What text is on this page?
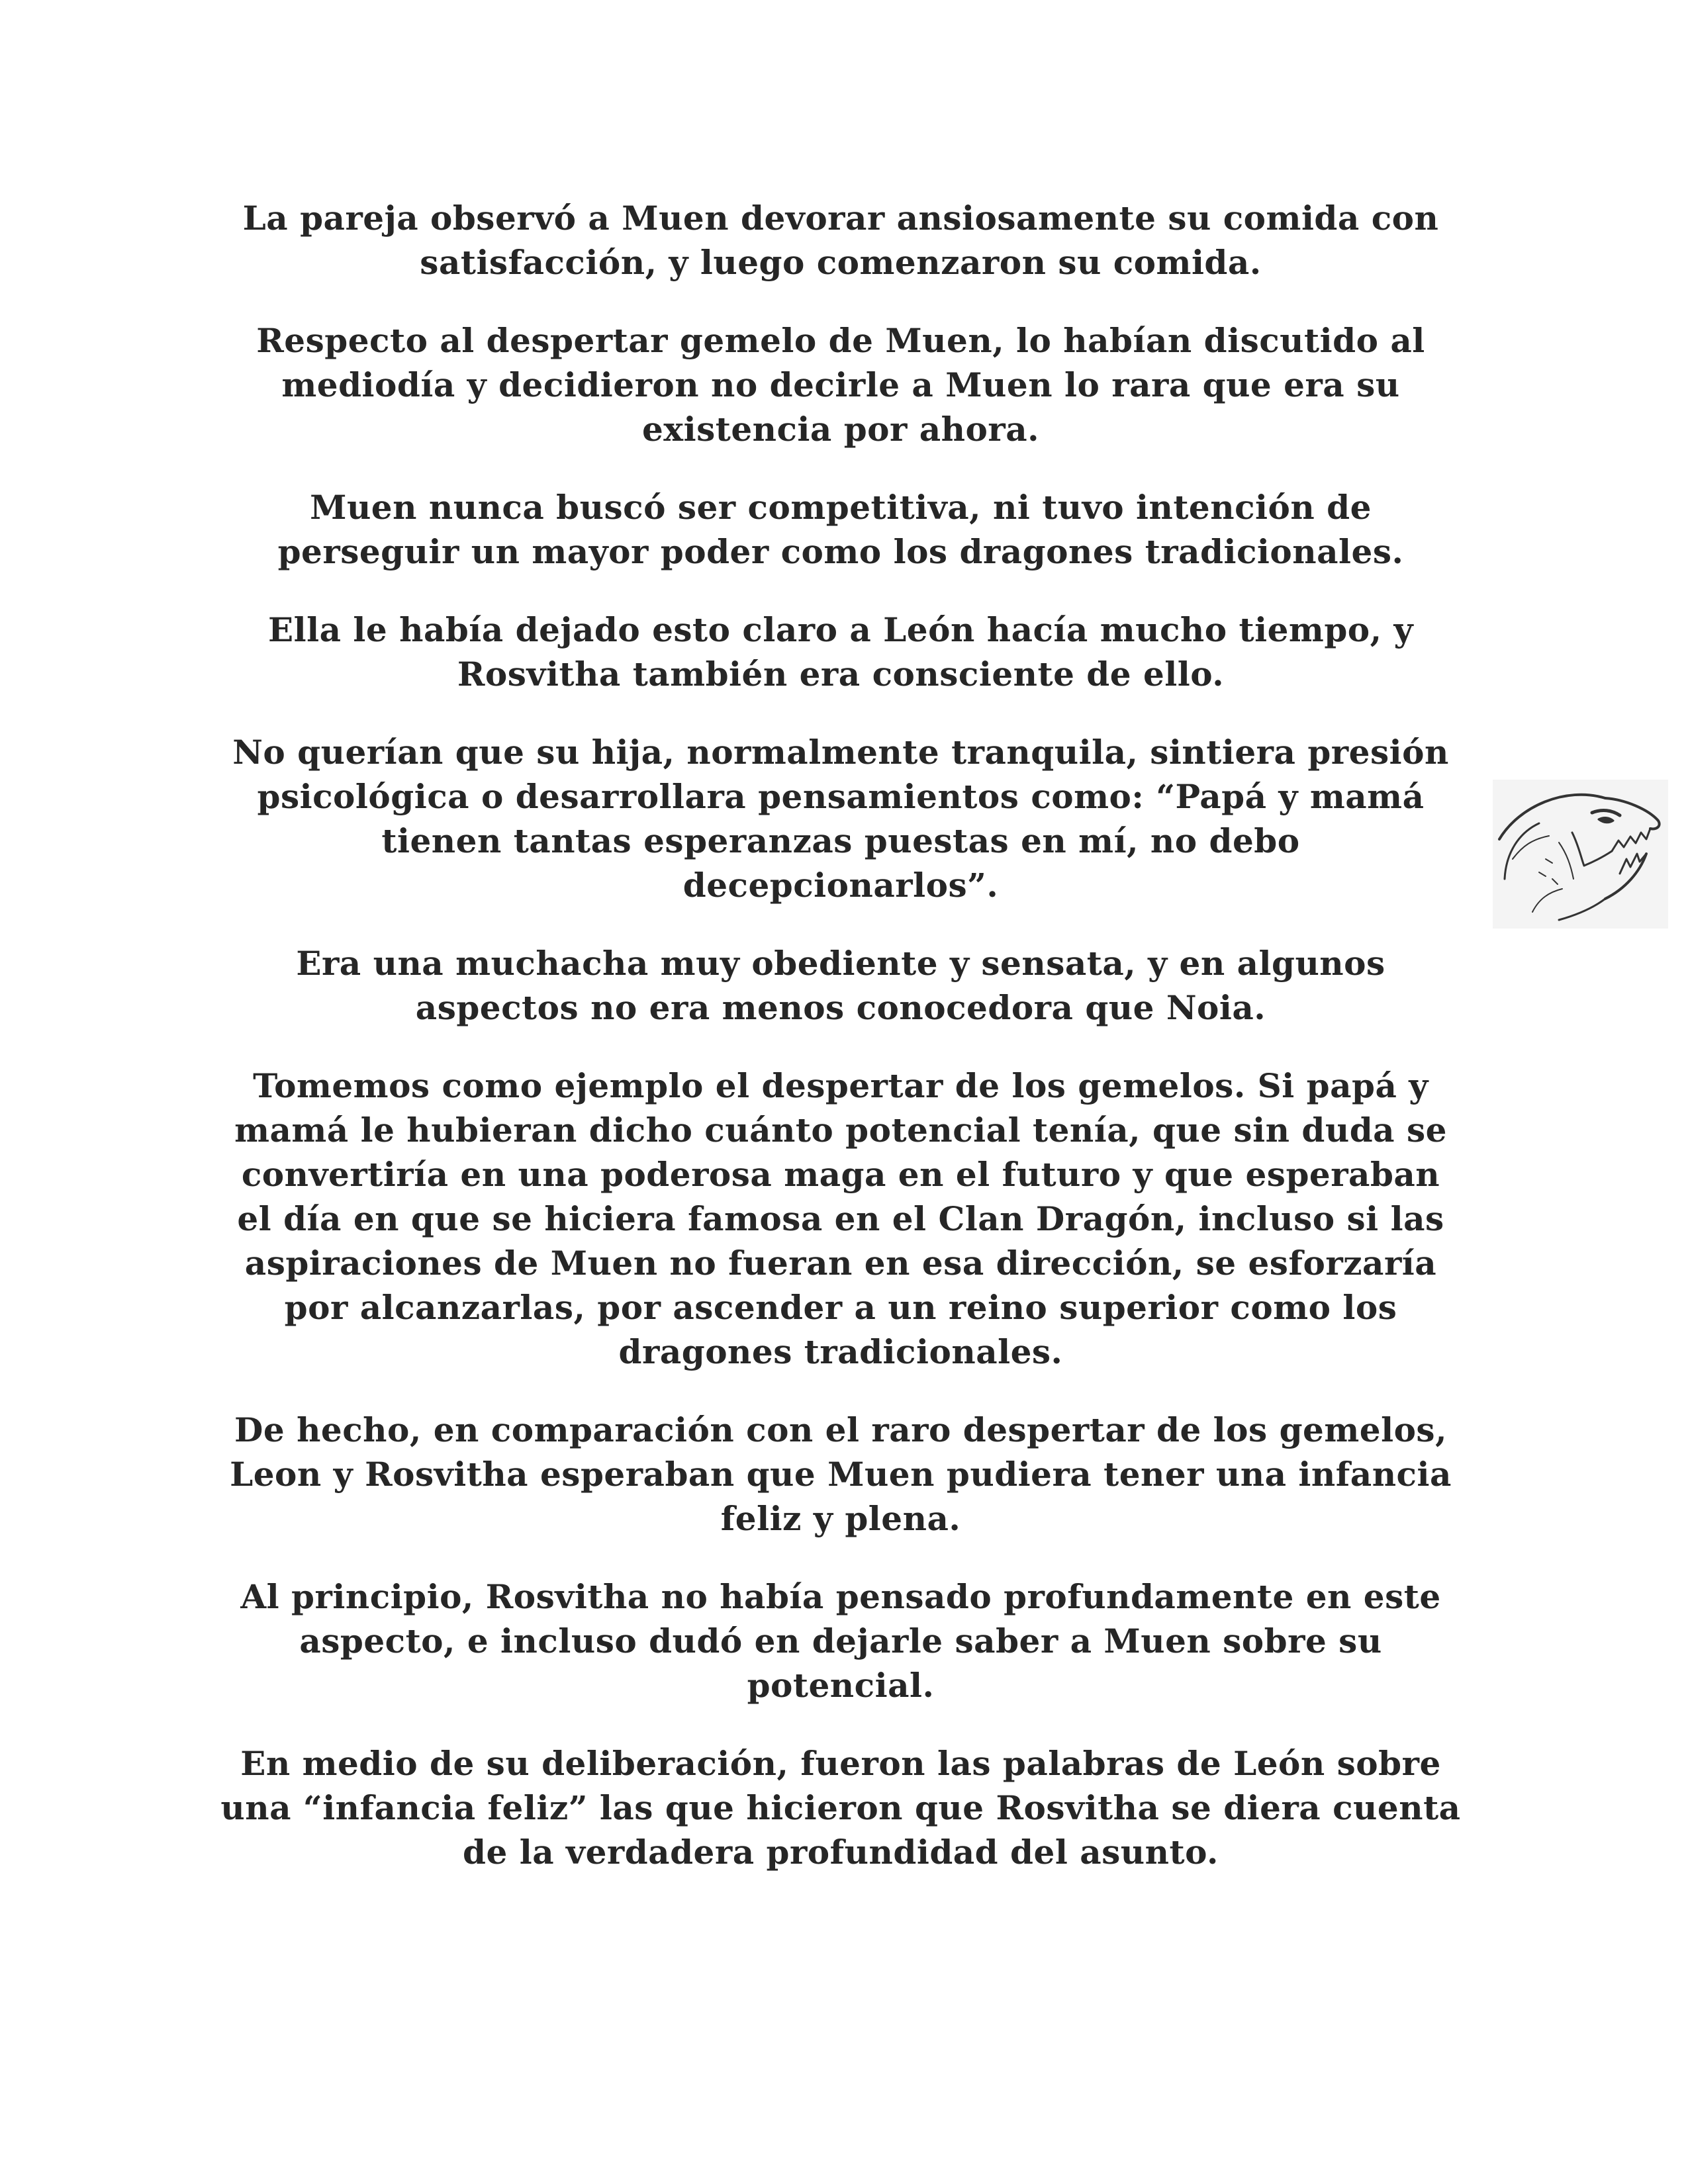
La pareja observó a Muen devorar ansiosamente su comida con satisfacción, y luego comenzaron su comida.

Respecto al despertar gemelo de Muen, lo habían discutido al mediodía y decidieron no decirle a Muen lo rara que era su existencia por ahora.

Muen nunca buscó ser competitiva, ni tuvo intención de perseguir un mayor poder como los dragones tradicionales.

Ella le había dejado esto claro a León hacía mucho tiempo, y Rosvitha también era consciente de ello.

No querían que su hija, normalmente tranquila, sintiera presión psicológica o desarrollara pensamientos como: “Papá y mamá tienen tantas esperanzas puestas en mí, no debo decepcionarlos”.

Era una muchacha muy obediente y sensata, y en algunos aspectos no era menos conocedora que Noia.

Tomemos como ejemplo el despertar de los gemelos. Si papá y mamá le hubieran dicho cuánto potencial tenía, que sin duda se convertiría en una poderosa maga en el futuro y que esperaban el día en que se hiciera famosa en el Clan Dragón, incluso si las aspiraciones de Muen no fueran en esa dirección, se esforzaría por alcanzarlas, por ascender a un reino superior como los dragones tradicionales.

De hecho, en comparación con el raro despertar de los gemelos, Leon y Rosvitha esperaban que Muen pudiera tener una infancia feliz y plena.

Al principio, Rosvitha no había pensado profundamente en este aspecto, e incluso dudó en dejarle saber a Muen sobre su potencial.

En medio de su deliberación, fueron las palabras de León sobre una “infancia feliz” las que hicieron que Rosvitha se diera cuenta de la verdadera profundidad del asunto.
